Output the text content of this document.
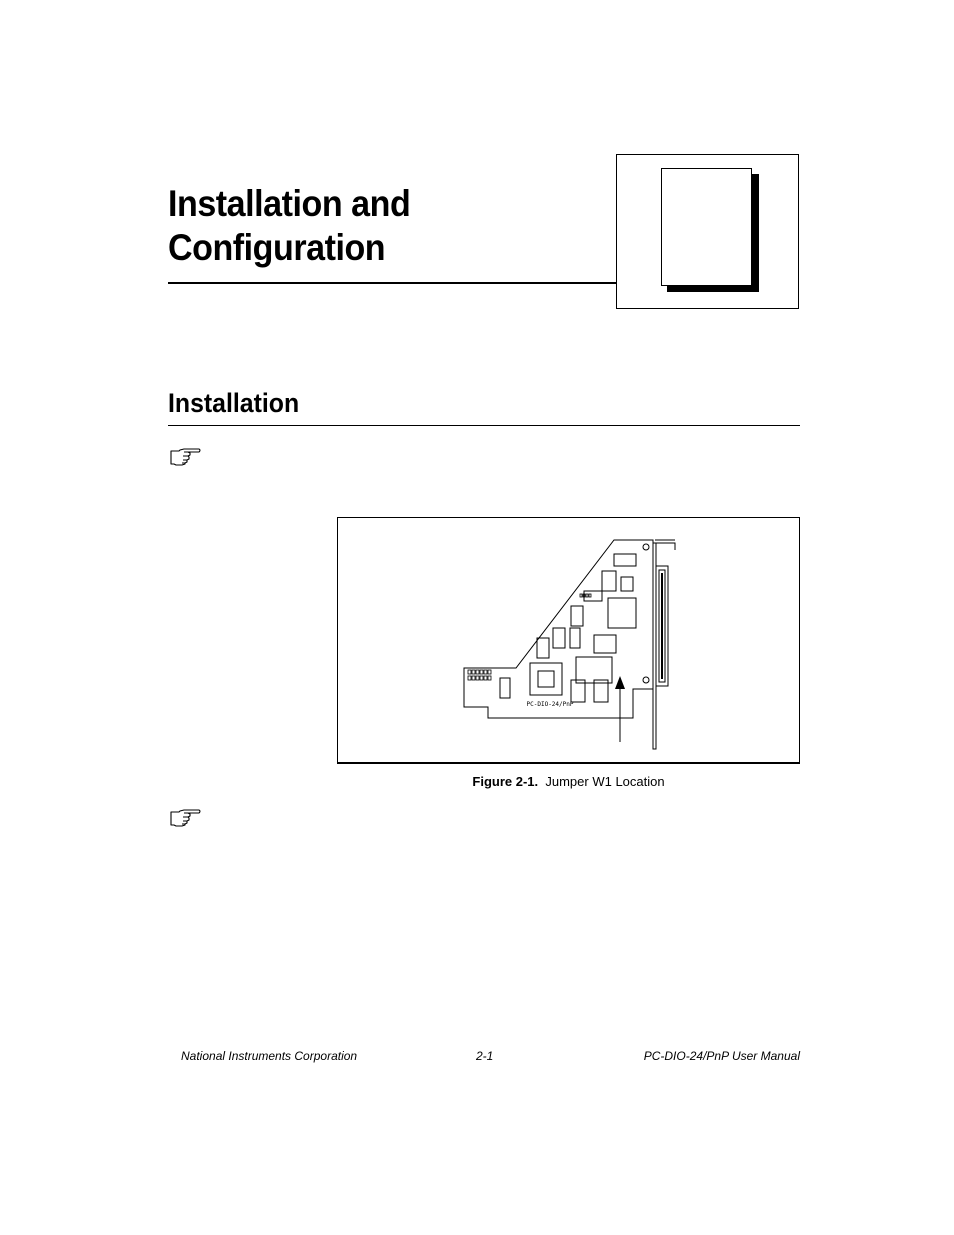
Installation and
Configuration
Installation
PC-DIO-24/PnP
Figure 2-1. Jumper W1 Location
National Instruments Corporation	2-1	PC-DIO-24/PnP User Manual
